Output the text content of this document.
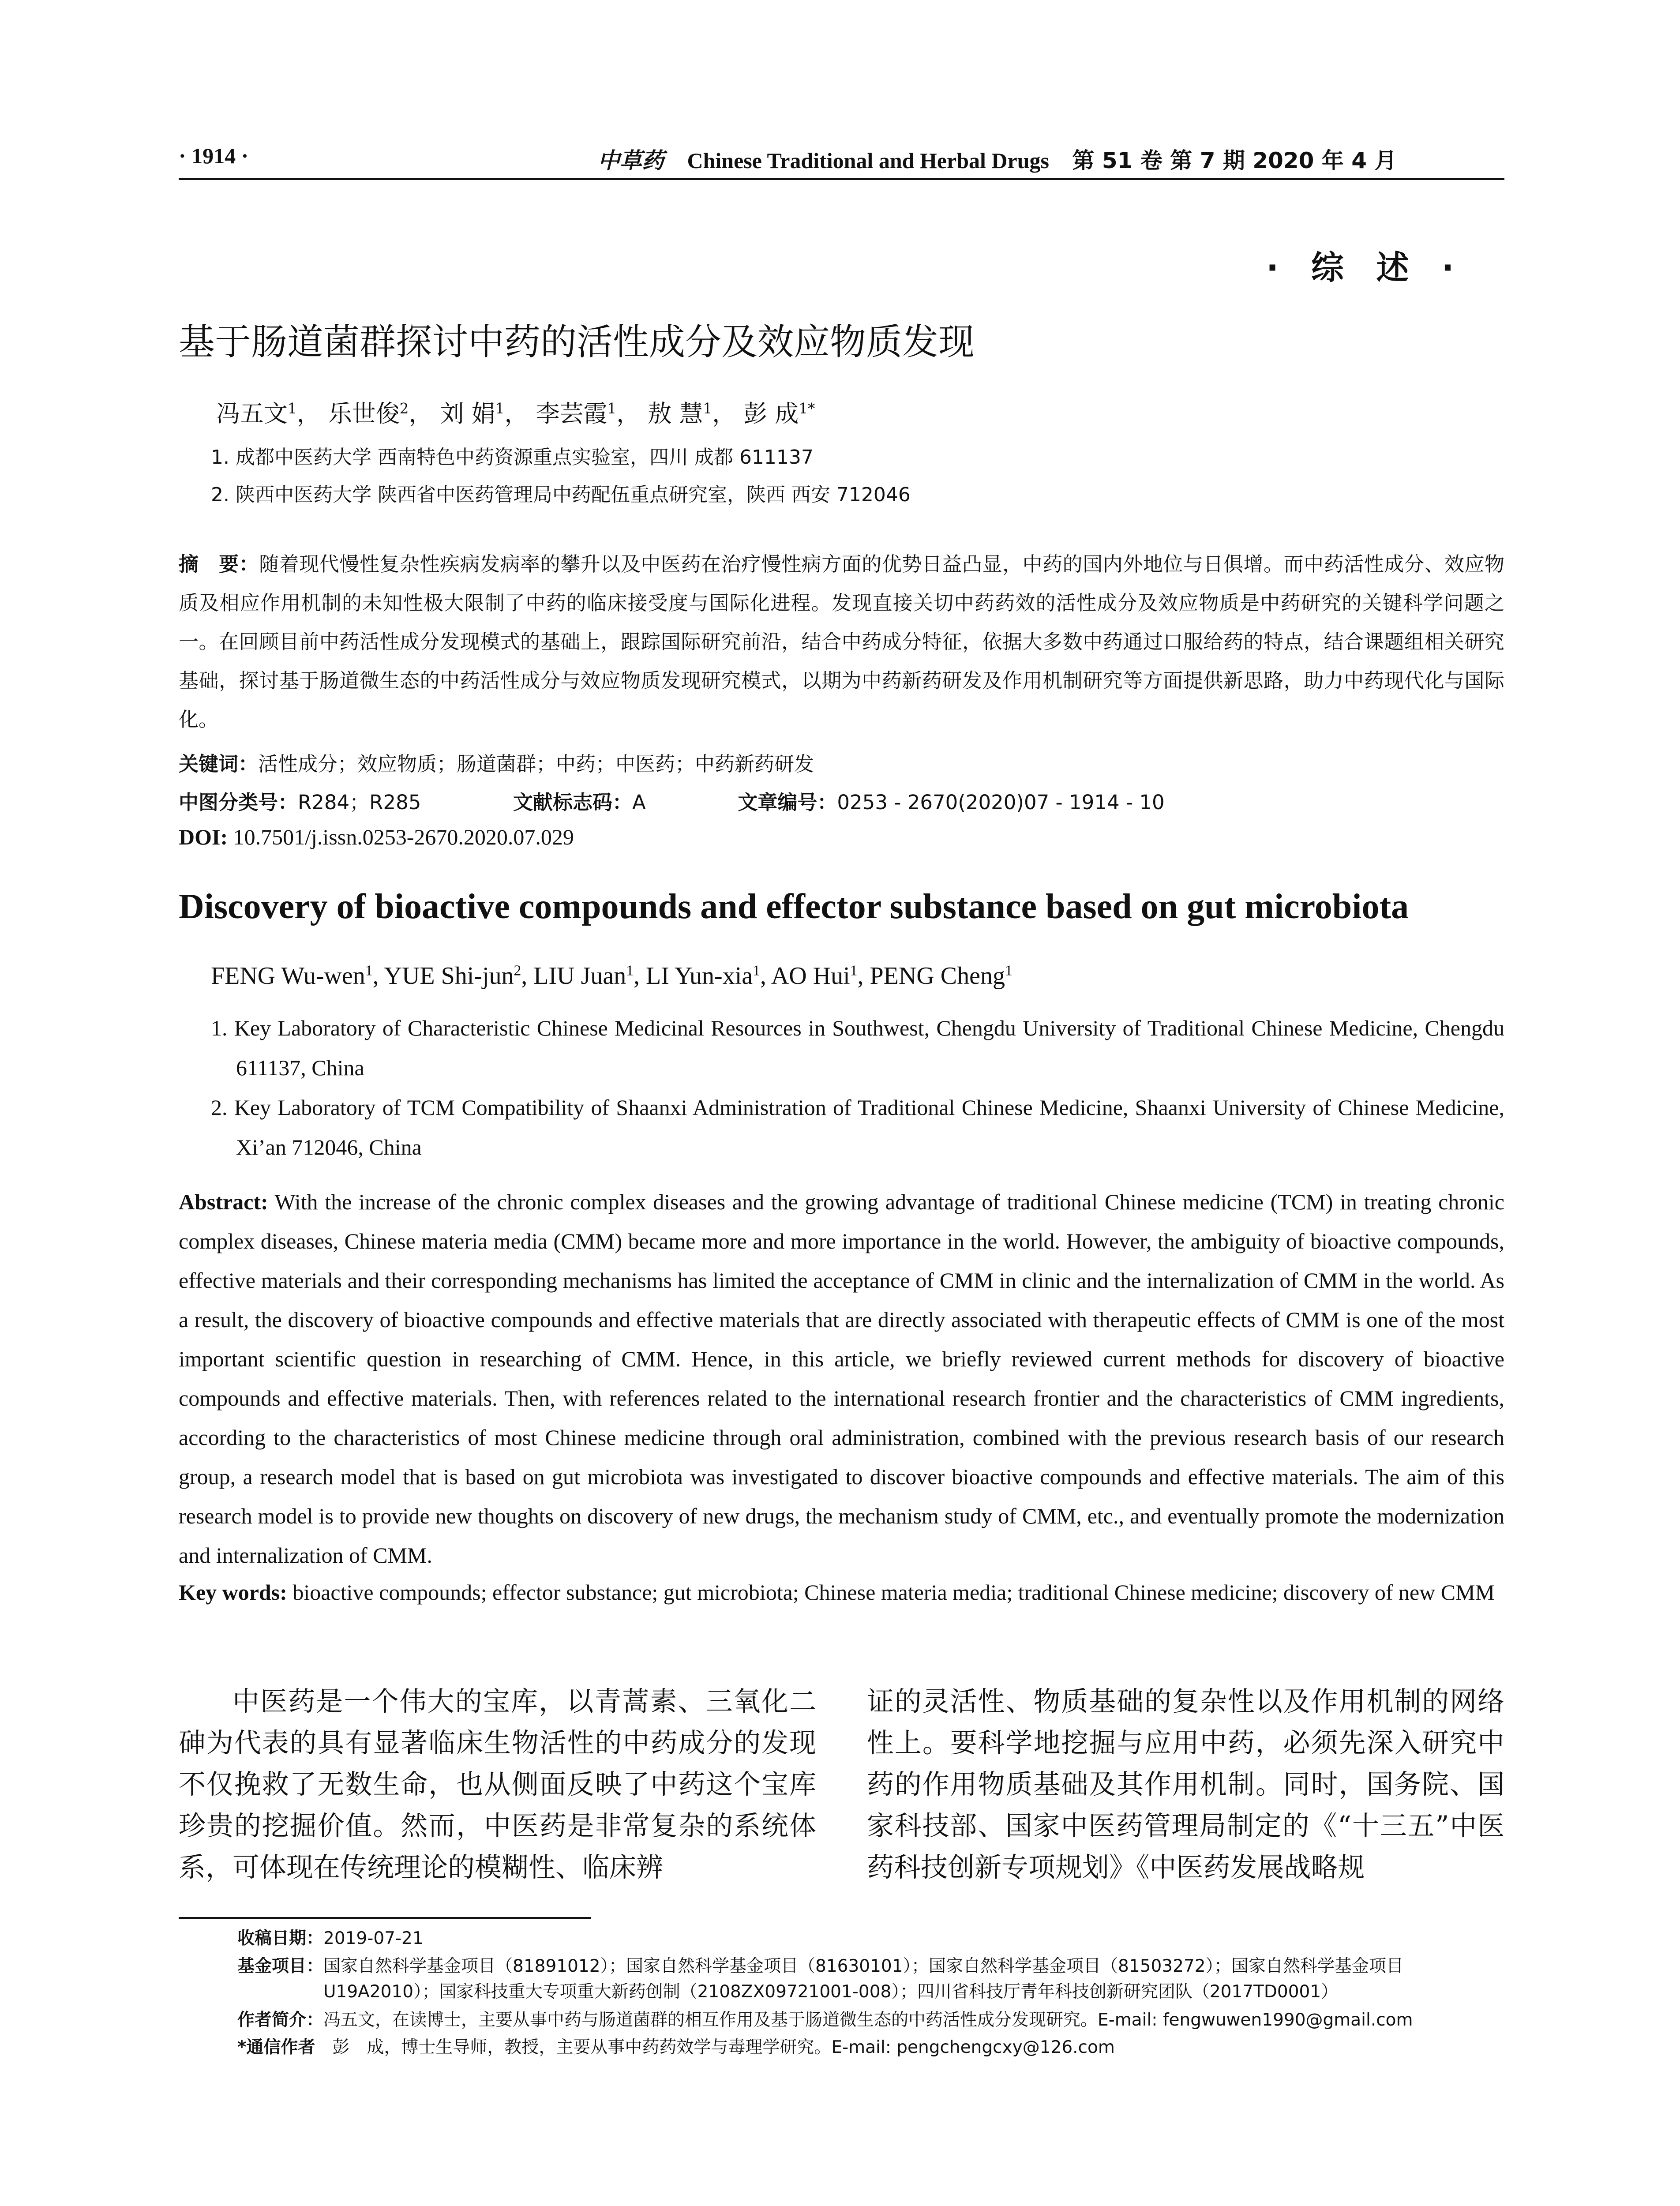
· 1914 ·	中草药 Chinese Traditional and Herbal Drugs 第 51 卷 第 7 期 2020 年 4 月
· 综 述 ·
基于肠道菌群探讨中药的活性成分及效应物质发现
冯五文$^1$， 乐世俊$^2$， 刘 娟$^1$， 李芸霞$^1$， 敖 慧$^1$， 彭 成$^{1*}$
1. 成都中医药大学 西南特色中药资源重点实验室，四川 成都 611137
2. 陕西中医药大学 陕西省中医药管理局中药配伍重点研究室，陕西 西安 712046
摘　要：随着现代慢性复杂性疾病发病率的攀升以及中医药在治疗慢性病方面的优势日益凸显，中药的国内外地位与日俱增。而中药活性成分、效应物质及相应作用机制的未知性极大限制了中药的临床接受度与国际化进程。发现直接关切中药药效的活性成分及效应物质是中药研究的关键科学问题之一。在回顾目前中药活性成分发现模式的基础上，跟踪国际研究前沿，结合中药成分特征，依据大多数中药通过口服给药的特点，结合课题组相关研究基础，探讨基于肠道微生态的中药活性成分与效应物质发现研究模式，以期为中药新药研发及作用机制研究等方面提供新思路，助力中药现代化与国际化。
关键词：活性成分；效应物质；肠道菌群；中药；中医药；中药新药研发
中图分类号：R284；R285	文献标志码：A	文章编号：0253 - 2670(2020)07 - 1914 - 10
DOI: 10.7501/j.issn.0253-2670.2020.07.029
Discovery of bioactive compounds and effector substance based on gut microbiota
FENG Wu-wen$^1$, YUE Shi-jun$^2$, LIU Juan$^1$, LI Yun-xia$^1$, AO Hui$^1$, PENG Cheng$^1$
1. Key Laboratory of Characteristic Chinese Medicinal Resources in Southwest, Chengdu University of Traditional Chinese Medicine, Chengdu 611137, China
2. Key Laboratory of TCM Compatibility of Shaanxi Administration of Traditional Chinese Medicine, Shaanxi University of Chinese Medicine, Xi’an 712046, China
Abstract: With the increase of the chronic complex diseases and the growing advantage of traditional Chinese medicine (TCM) in treating chronic complex diseases, Chinese materia media (CMM) became more and more importance in the world. However, the ambiguity of bioactive compounds, effective materials and their corresponding mechanisms has limited the acceptance of CMM in clinic and the internalization of CMM in the world. As a result, the discovery of bioactive compounds and effective materials that are directly associated with therapeutic effects of CMM is one of the most important scientific question in researching of CMM. Hence, in this article, we briefly reviewed current methods for discovery of bioactive compounds and effective materials. Then, with references related to the international research frontier and the characteristics of CMM ingredients, according to the characteristics of most Chinese medicine through oral administration, combined with the previous research basis of our research group, a research model that is based on gut microbiota was investigated to discover bioactive compounds and effective materials. The aim of this research model is to provide new thoughts on discovery of new drugs, the mechanism study of CMM, etc., and eventually promote the modernization and internalization of CMM.
Key words: bioactive compounds; effector substance; gut microbiota; Chinese materia media; traditional Chinese medicine; discovery of new CMM
中医药是一个伟大的宝库，以青蒿素、三氧化二砷为代表的具有显著临床生物活性的中药成分的发现不仅挽救了无数生命，也从侧面反映了中药这个宝库珍贵的挖掘价值。然而，中医药是非常复杂的系统体系，可体现在传统理论的模糊性、临床辨
证的灵活性、物质基础的复杂性以及作用机制的网络性上。要科学地挖掘与应用中药，必须先深入研究中药的作用物质基础及其作用机制。同时，国务院、国家科技部、国家中医药管理局制定的《“十三五”中医药科技创新专项规划》《中医药发展战略规
收稿日期：2019-07-21
基金项目：国家自然科学基金项目（81891012）；国家自然科学基金项目（81630101）；国家自然科学基金项目（81503272）；国家自然科学基金项目 U19A2010）；国家科技重大专项重大新药创制（2108ZX09721001-008）；四川省科技厅青年科技创新研究团队（2017TD0001）
作者简介：冯五文，在读博士，主要从事中药与肠道菌群的相互作用及基于肠道微生态的中药活性成分发现研究。E-mail: fengwuwen1990@gmail.com
*通信作者　 彭　成，博士生导师，教授，主要从事中药药效学与毒理学研究。E-mail: pengchengcxy@126.com
